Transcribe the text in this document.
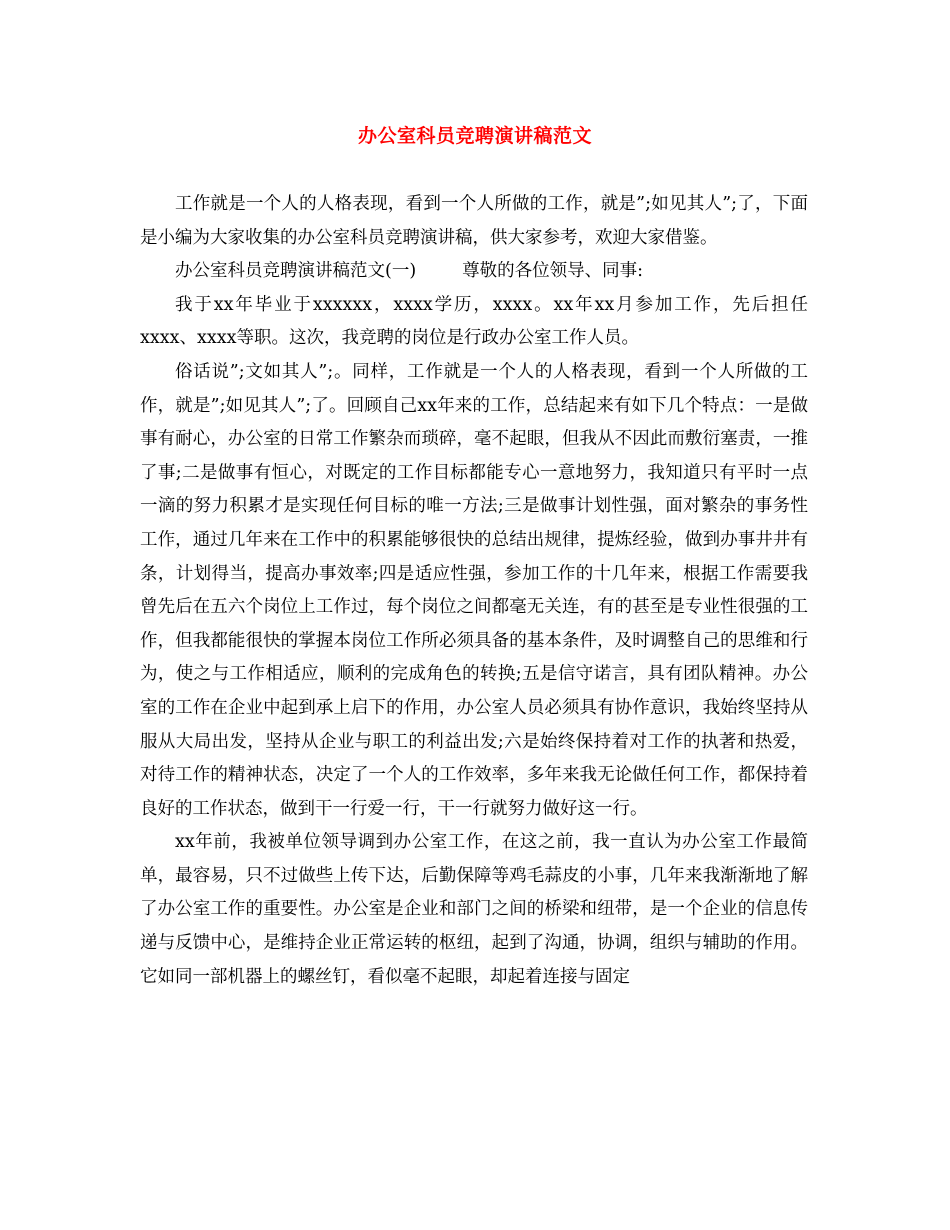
办公室科员竞聘演讲稿范文

工作就是一个人的人格表现，看到一个人所做的工作，就是”;如见其人”;了，下面是小编为大家收集的办公室科员竞聘演讲稿，供大家参考，欢迎大家借鉴。

办公室科员竞聘演讲稿范文(一)	尊敬的各位领导、同事:

我于xx年毕业于xxxxxx，xxxx学历，xxxx。xx年xx月参加工作，先后担任xxxx、xxxx等职。这次，我竞聘的岗位是行政办公室工作人员。

俗话说”;文如其人”;。同样，工作就是一个人的人格表现，看到一个人所做的工作，就是”;如见其人”;了。回顾自己xx年来的工作，总结起来有如下几个特点：一是做事有耐心，办公室的日常工作繁杂而琐碎，毫不起眼，但我从不因此而敷衍塞责，一推了事;二是做事有恒心，对既定的工作目标都能专心一意地努力，我知道只有平时一点一滴的努力积累才是实现任何目标的唯一方法;三是做事计划性强，面对繁杂的事务性工作，通过几年来在工作中的积累能够很快的总结出规律，提炼经验，做到办事井井有条，计划得当，提高办事效率;四是适应性强，参加工作的十几年来，根据工作需要我曾先后在五六个岗位上工作过，每个岗位之间都毫无关连，有的甚至是专业性很强的工作，但我都能很快的掌握本岗位工作所必须具备的基本条件，及时调整自己的思维和行为，使之与工作相适应，顺利的完成角色的转换;五是信守诺言，具有团队精神。办公室的工作在企业中起到承上启下的作用，办公室人员必须具有协作意识，我始终坚持从服从大局出发，坚持从企业与职工的利益出发;六是始终保持着对工作的执著和热爱，对待工作的精神状态，决定了一个人的工作效率，多年来我无论做任何工作，都保持着良好的工作状态，做到干一行爱一行，干一行就努力做好这一行。

xx年前，我被单位领导调到办公室工作，在这之前，我一直认为办公室工作最简单，最容易，只不过做些上传下达，后勤保障等鸡毛蒜皮的小事，几年来我渐渐地了解了办公室工作的重要性。办公室是企业和部门之间的桥梁和纽带，是一个企业的信息传递与反馈中心，是维持企业正常运转的枢纽，起到了沟通，协调，组织与辅助的作用。它如同一部机器上的螺丝钉，看似毫不起眼，却起着连接与固定
